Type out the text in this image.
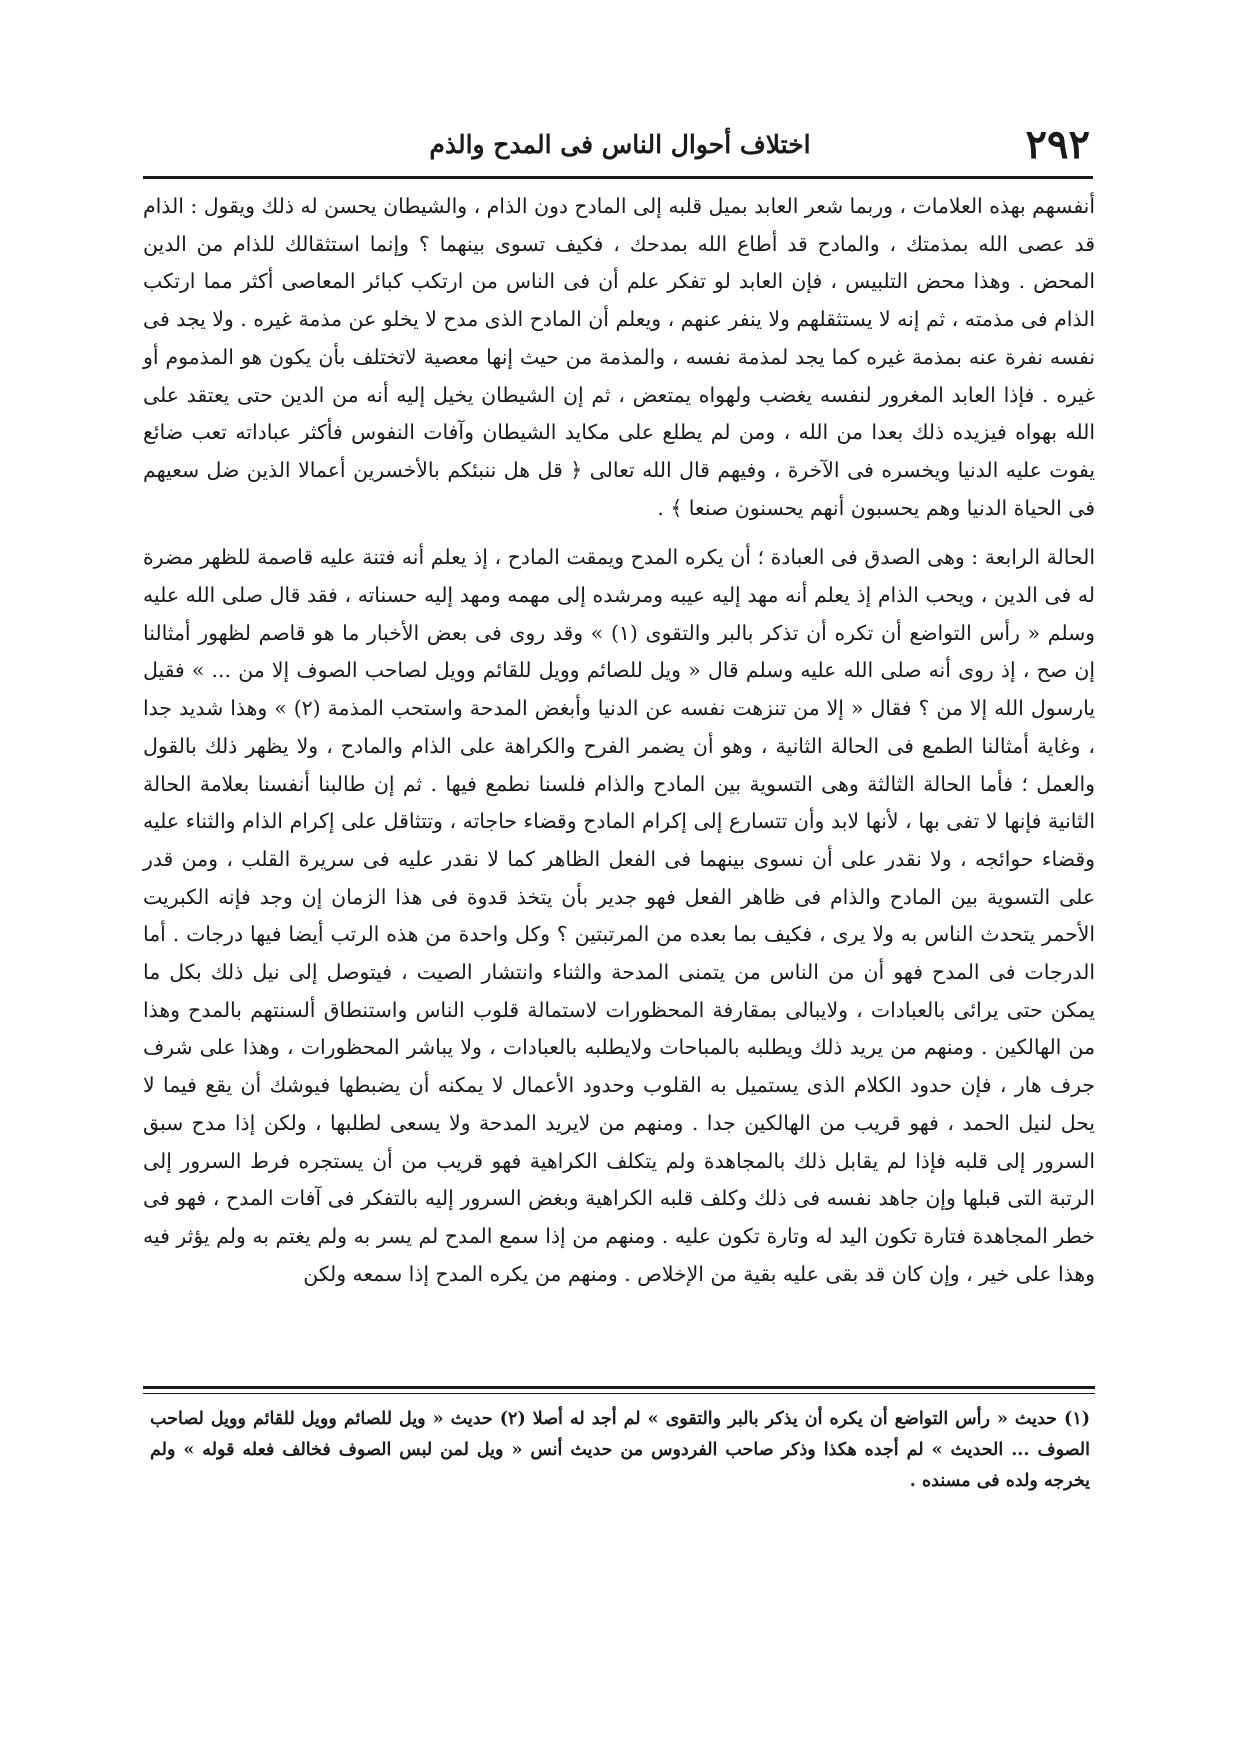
٢٩٢
اختلاف أحوال الناس فى المدح والذم

أنفسهم بهذه العلامات ، وربما شعر العابد بميل قلبه إلى المادح دون الذام ، والشيطان يحسن له ذلك ويقول : الذام قد عصى الله بمذمتك ، والمادح قد أطاع الله بمدحك ، فكيف تسوى بينهما ؟ وإنما استثقالك للذام من الدين المحض . وهذا محض التلبيس ، فإن العابد لو تفكر علم أن فى الناس من ارتكب كبائر المعاصى أكثر مما ارتكب الذام فى مذمته ، ثم إنه لا يستثقلهم ولا ينفر عنهم ، ويعلم أن المادح الذى مدح لا يخلو عن مذمة غيره . ولا يجد فى نفسه نفرة عنه بمذمة غيره كما يجد لمذمة نفسه ، والمذمة من حيث إنها معصية لاتختلف بأن يكون هو المذموم أو غيره . فإذا العابد المغرور لنفسه يغضب ولهواه يمتعض ، ثم إن الشيطان يخيل إليه أنه من الدين حتى يعتقد على الله بهواه فيزيده ذلك بعدا من الله ، ومن لم يطلع على مكايد الشيطان وآفات النفوس فأكثر عباداته تعب ضائع يفوت عليه الدنيا ويخسره فى الآخرة ، وفيهم قال الله تعالى ﴿ قل هل ننبئكم بالأخسرين أعمالا الذين ضل سعيهم فى الحياة الدنيا وهم يحسبون أنهم يحسنون صنعا ﴾ .

الحالة الرابعة : وهى الصدق فى العبادة ؛ أن يكره المدح ويمقت المادح ، إذ يعلم أنه فتنة عليه قاصمة للظهر مضرة له فى الدين ، ويحب الذام إذ يعلم أنه مهد إليه عيبه ومرشده إلى مهمه ومهد إليه حسناته ، فقد قال صلى الله عليه وسلم « رأس التواضع أن تكره أن تذكر بالبر والتقوى (١) » وقد روى فى بعض الأخبار ما هو قاصم لظهور أمثالنا إن صح ، إذ روى أنه صلى الله عليه وسلم قال « ويل للصائم وويل للقائم وويل لصاحب الصوف إلا من ... » فقيل يارسول الله إلا من ؟ فقال « إلا من تنزهت نفسه عن الدنيا وأبغض المدحة واستحب المذمة (٢) » وهذا شديد جدا ، وغاية أمثالنا الطمع فى الحالة الثانية ، وهو أن يضمر الفرح والكراهة على الذام والمادح ، ولا يظهر ذلك بالقول والعمل ؛ فأما الحالة الثالثة وهى التسوية بين المادح والذام فلسنا نطمع فيها . ثم إن طالبنا أنفسنا بعلامة الحالة الثانية فإنها لا تفى بها ، لأنها لابد وأن تتسارع إلى إكرام المادح وقضاء حاجاته ، وتتثاقل على إكرام الذام والثناء عليه وقضاء حوائجه ، ولا نقدر على أن نسوى بينهما فى الفعل الظاهر كما لا نقدر عليه فى سريرة القلب ، ومن قدر على التسوية بين المادح والذام فى ظاهر الفعل فهو جدير بأن يتخذ قدوة فى هذا الزمان إن وجد فإنه الكبريت الأحمر يتحدث الناس به ولا يرى ، فكيف بما بعده من المرتبتين ؟ وكل واحدة من هذه الرتب أيضا فيها درجات . أما الدرجات فى المدح فهو أن من الناس من يتمنى المدحة والثناء وانتشار الصيت ، فيتوصل إلى نيل ذلك بكل ما يمكن حتى يرائى بالعبادات ، ولايبالى بمقارفة المحظورات لاستمالة قلوب الناس واستنطاق ألسنتهم بالمدح وهذا من الهالكين . ومنهم من يريد ذلك ويطلبه بالمباحات ولايطلبه بالعبادات ، ولا يباشر المحظورات ، وهذا على شرف جرف هار ، فإن حدود الكلام الذى يستميل به القلوب وحدود الأعمال لا يمكنه أن يضبطها فيوشك أن يقع فيما لا يحل لنيل الحمد ، فهو قريب من الهالكين جدا . ومنهم من لايريد المدحة ولا يسعى لطلبها ، ولكن إذا مدح سبق السرور إلى قلبه فإذا لم يقابل ذلك بالمجاهدة ولم يتكلف الكراهية فهو قريب من أن يستجره فرط السرور إلى الرتبة التى قبلها وإن جاهد نفسه فى ذلك وكلف قلبه الكراهية وبغض السرور إليه بالتفكر فى آفات المدح ، فهو فى خطر المجاهدة فتارة تكون اليد له وتارة تكون عليه . ومنهم من إذا سمع المدح لم يسر به ولم يغتم به ولم يؤثر فيه وهذا على خير ، وإن كان قد بقى عليه بقية من الإخلاص . ومنهم من يكره المدح إذا سمعه ولكن

(١) حديث « رأس التواضع أن يكره أن يذكر بالبر والتقوى » لم أجد له أصلا (٢) حديث « ويل للصائم وويل للقائم وويل لصاحب الصوف ... الحديث » لم أجده هكذا وذكر صاحب الفردوس من حديث أنس « ويل لمن لبس الصوف فخالف فعله قوله » ولم يخرجه ولده فى مسنده .
